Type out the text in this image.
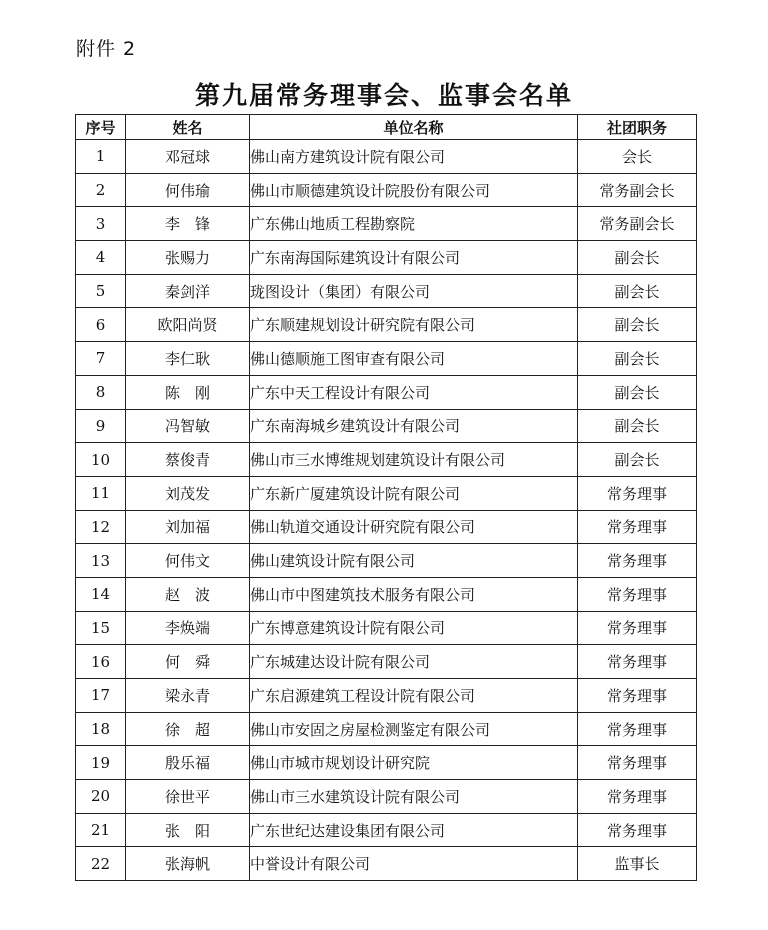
附件 2
第九届常务理事会、监事会名单
序号	姓名	单位名称	社团职务
1	邓冠球	佛山南方建筑设计院有限公司	会长
2	何伟瑜	佛山市顺德建筑设计院股份有限公司	常务副会长
3	李　锋	广东佛山地质工程勘察院	常务副会长
4	张赐力	广东南海国际建筑设计有限公司	副会长
5	秦剑洋	珑图设计（集团）有限公司	副会长
6	欧阳尚贤	广东顺建规划设计研究院有限公司	副会长
7	李仁耿	佛山德顺施工图审查有限公司	副会长
8	陈　刚	广东中天工程设计有限公司	副会长
9	冯智敏	广东南海城乡建筑设计有限公司	副会长
10	蔡俊青	佛山市三水博维规划建筑设计有限公司	副会长
11	刘茂发	广东新广厦建筑设计院有限公司	常务理事
12	刘加福	佛山轨道交通设计研究院有限公司	常务理事
13	何伟文	佛山建筑设计院有限公司	常务理事
14	赵　波	佛山市中图建筑技术服务有限公司	常务理事
15	李焕端	广东博意建筑设计院有限公司	常务理事
16	何　舜	广东城建达设计院有限公司	常务理事
17	梁永青	广东启源建筑工程设计院有限公司	常务理事
18	徐　超	佛山市安固之房屋检测鉴定有限公司	常务理事
19	殷乐福	佛山市城市规划设计研究院	常务理事
20	徐世平	佛山市三水建筑设计院有限公司	常务理事
21	张　阳	广东世纪达建设集团有限公司	常务理事
22	张海帆	中誉设计有限公司	监事长
